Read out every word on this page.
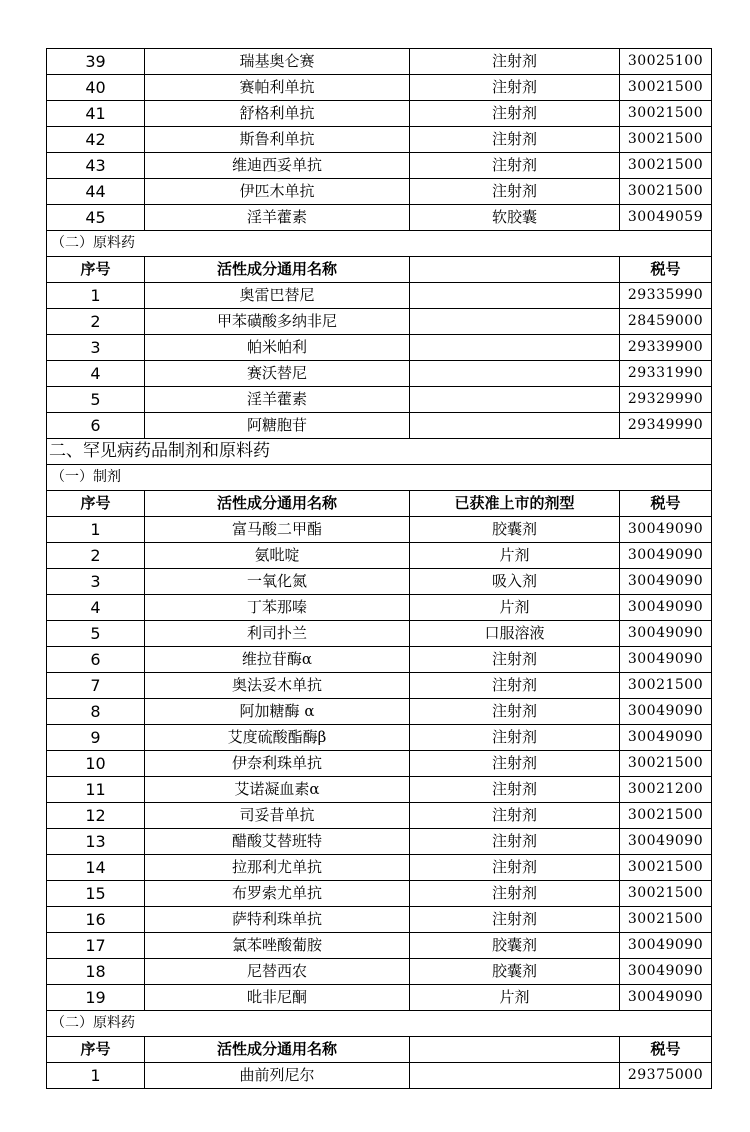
39	瑞基奥仑赛	注射剂	30025100
40	赛帕利单抗	注射剂	30021500
41	舒格利单抗	注射剂	30021500
42	斯鲁利单抗	注射剂	30021500
43	维迪西妥单抗	注射剂	30021500
44	伊匹木单抗	注射剂	30021500
45	淫羊藿素	软胶囊	30049059
（二）原料药			
序号	活性成分通用名称		税号
1	奥雷巴替尼		29335990
2	甲苯磺酸多纳非尼		28459000
3	帕米帕利		29339900
4	赛沃替尼		29331990
5	淫羊藿素		29329990
6	阿糖胞苷		29349990
二、罕见病药品制剂和原料药			
（一）制剂			
序号	活性成分通用名称	已获准上市的剂型	税号
1	富马酸二甲酯	胶囊剂	30049090
2	氨吡啶	片剂	30049090
3	一氧化氮	吸入剂	30049090
4	丁苯那嗪	片剂	30049090
5	利司扑兰	口服溶液	30049090
6	维拉苷酶α	注射剂	30049090
7	奥法妥木单抗	注射剂	30021500
8	阿加糖酶 α	注射剂	30049090
9	艾度硫酸酯酶β	注射剂	30049090
10	伊奈利珠单抗	注射剂	30021500
11	艾诺凝血素α	注射剂	30021200
12	司妥昔单抗	注射剂	30021500
13	醋酸艾替班特	注射剂	30049090
14	拉那利尤单抗	注射剂	30021500
15	布罗索尤单抗	注射剂	30021500
16	萨特利珠单抗	注射剂	30021500
17	氯苯唑酸葡胺	胶囊剂	30049090
18	尼替西农	胶囊剂	30049090
19	吡非尼酮	片剂	30049090
（二）原料药			
序号	活性成分通用名称		税号
1	曲前列尼尔		29375000
